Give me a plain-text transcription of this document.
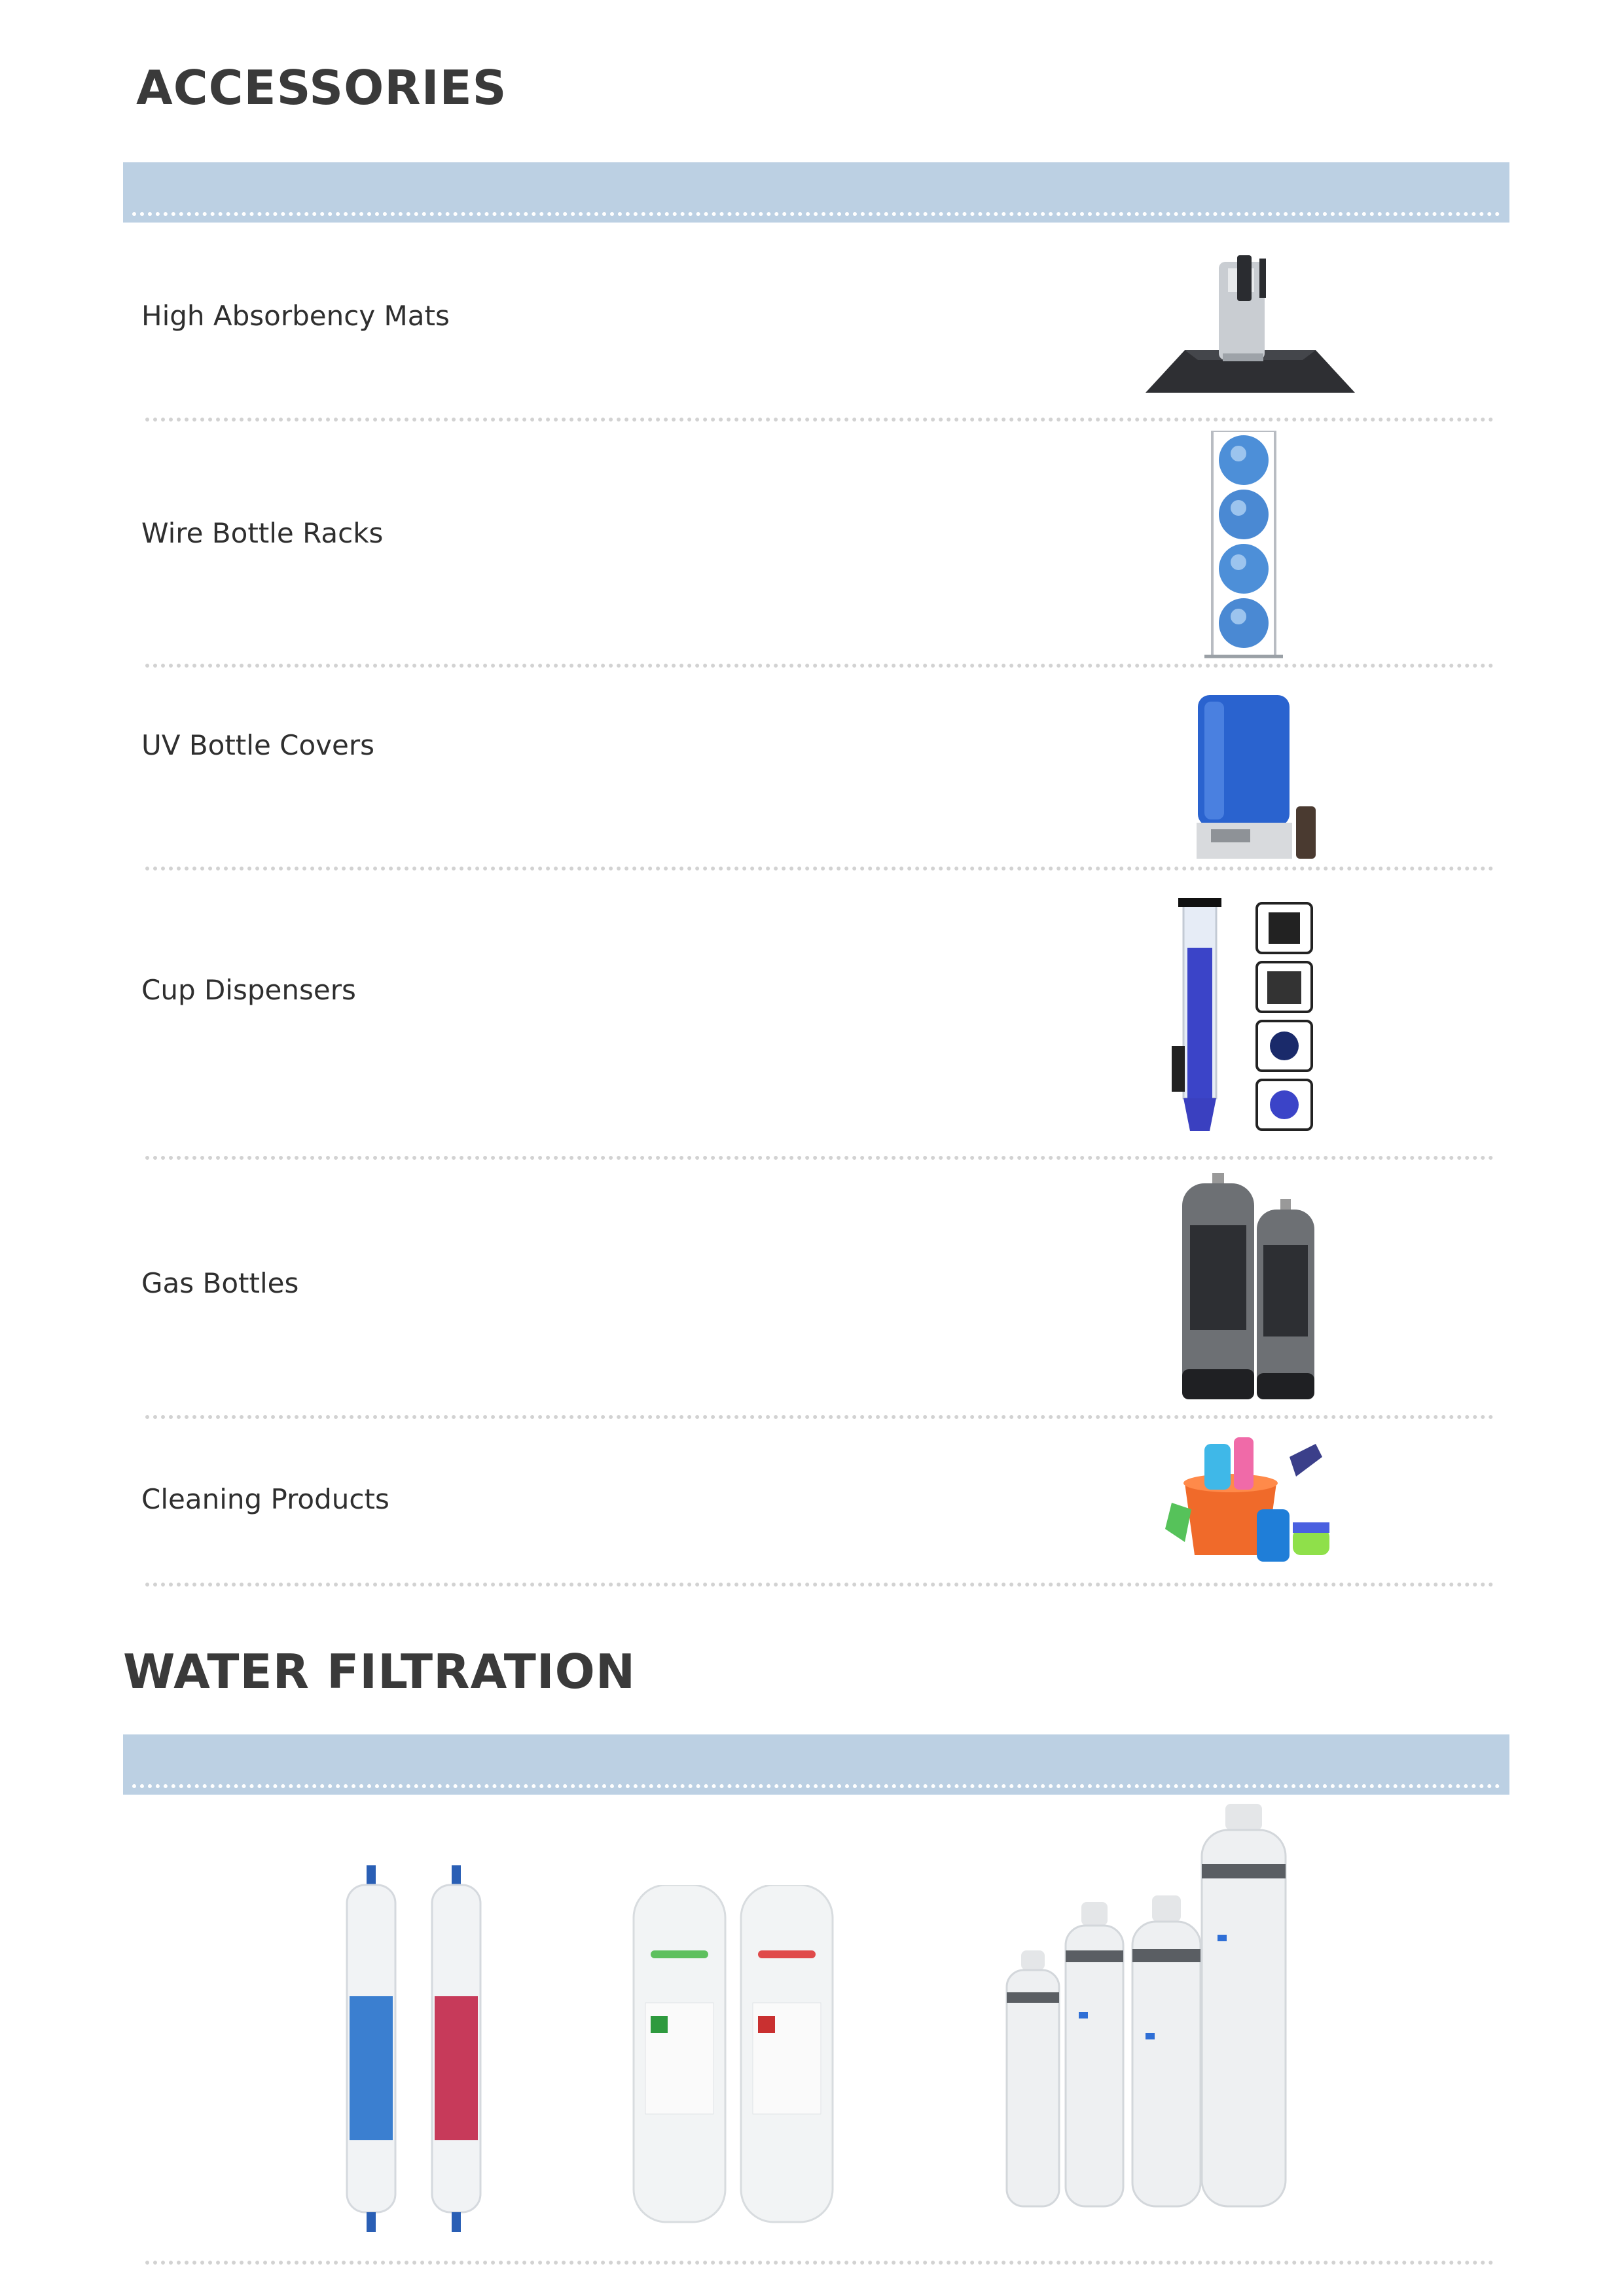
ACCESSORIES
High Absorbency Mats
Wire Bottle Racks
UV Bottle Covers
Cup Dispensers
Gas Bottles
Cleaning Products
WATER FILTRATION
